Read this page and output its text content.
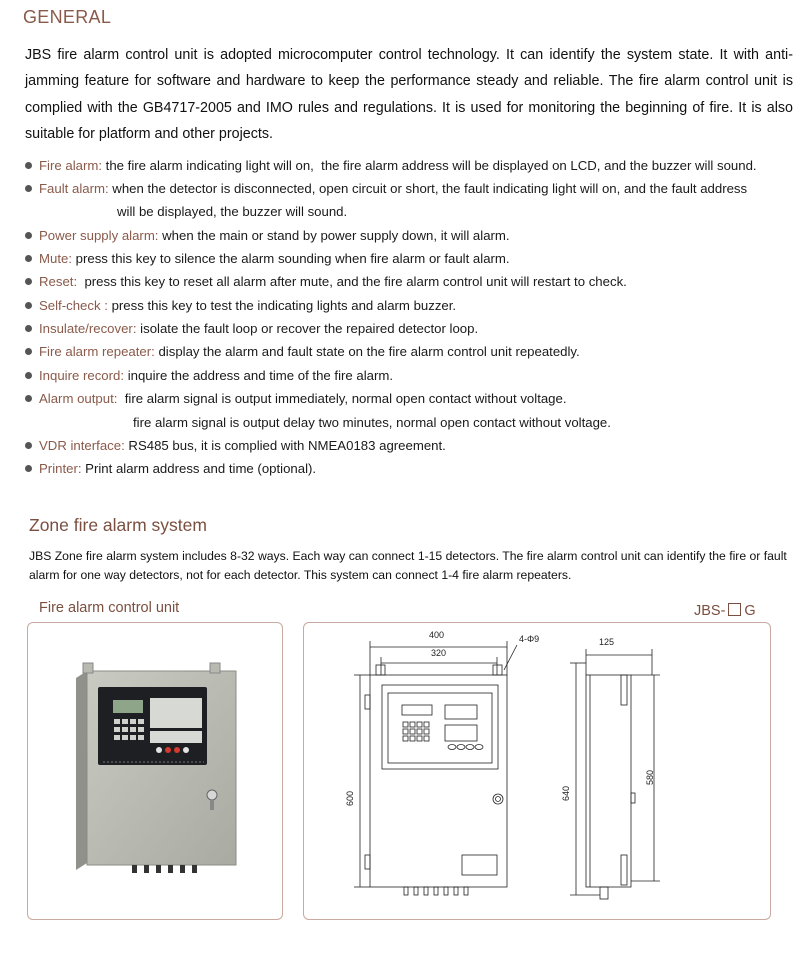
GENERAL
JBS fire alarm control unit is adopted microcomputer control technology. It can identify the system state. It with anti-jamming feature for software and hardware to keep the performance steady and reliable. The fire alarm control unit is complied with the GB4717-2005 and IMO rules and regulations. It is used for monitoring the beginning of fire. It is also suitable for platform and other projects.
Fire alarm: the fire alarm indicating light will on,  the fire alarm address will be displayed on LCD, and the buzzer will sound.
Fault alarm: when the detector is disconnected, open circuit or short, the fault indicating light will on, and the fault address
will be displayed, the buzzer will sound.
Power supply alarm: when the main or stand by power supply down, it will alarm.
Mute: press this key to silence the alarm sounding when fire alarm or fault alarm.
Reset:  press this key to reset all alarm after mute, and the fire alarm control unit will restart to check.
Self-check : press this key to test the indicating lights and alarm buzzer.
Insulate/recover: isolate the fault loop or recover the repaired detector loop.
Fire alarm repeater: display the alarm and fault state on the fire alarm control unit repeatedly.
Inquire record: inquire the address and time of the fire alarm.
Alarm output:  fire alarm signal is output immediately, normal open contact without voltage.
fire alarm signal is output delay two minutes, normal open contact without voltage.
VDR interface: RS485 bus, it is complied with NMEA0183 agreement.
Printer: Print alarm address and time (optional).
Zone fire alarm system
JBS Zone fire alarm system includes 8-32 ways. Each way can connect 1-15 detectors. The fire alarm control unit can identify the fire or fault alarm for one way detectors, not for each detector. This system can connect 1-4 fire alarm repeaters.
Fire alarm control unit	JBS- G
400
320
4-Φ9
600
125
640
580
